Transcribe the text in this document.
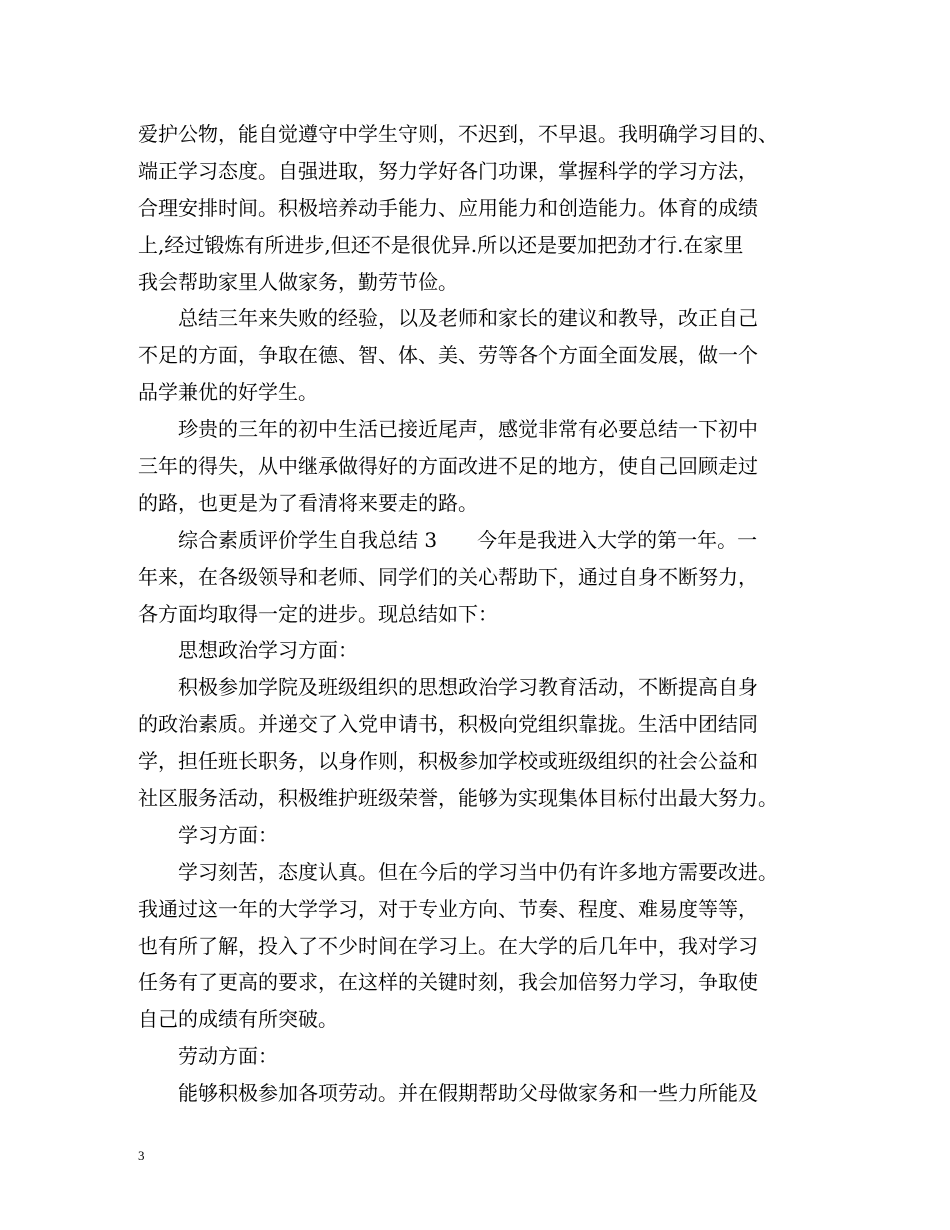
爱护公物，能自觉遵守中学生守则，不迟到，不早退。我明确学习目的、
端正学习态度。自强进取，努力学好各门功课，掌握科学的学习方法，
合理安排时间。积极培养动手能力、应用能力和创造能力。体育的成绩
上,经过锻炼有所进步,但还不是很优异.所以还是要加把劲才行.在家里
我会帮助家里人做家务，勤劳节俭。
　　总结三年来失败的经验，以及老师和家长的建议和教导，改正自己
不足的方面，争取在德、智、体、美、劳等各个方面全面发展，做一个
品学兼优的好学生。
　　珍贵的三年的初中生活已接近尾声，感觉非常有必要总结一下初中
三年的得失，从中继承做得好的方面改进不足的地方，使自己回顾走过
的路，也更是为了看清将来要走的路。
　　综合素质评价学生自我总结 3　　今年是我进入大学的第一年。一
年来，在各级领导和老师、同学们的关心帮助下，通过自身不断努力，
各方面均取得一定的进步。现总结如下：
　　思想政治学习方面：
　　积极参加学院及班级组织的思想政治学习教育活动，不断提高自身
的政治素质。并递交了入党申请书，积极向党组织靠拢。生活中团结同
学，担任班长职务，以身作则，积极参加学校或班级组织的社会公益和
社区服务活动，积极维护班级荣誉，能够为实现集体目标付出最大努力。
　　学习方面：
　　学习刻苦，态度认真。但在今后的学习当中仍有许多地方需要改进。
我通过这一年的大学学习，对于专业方向、节奏、程度、难易度等等，
也有所了解，投入了不少时间在学习上。在大学的后几年中，我对学习
任务有了更高的要求，在这样的关键时刻，我会加倍努力学习，争取使
自己的成绩有所突破。
　　劳动方面：
　　能够积极参加各项劳动。并在假期帮助父母做家务和一些力所能及
3
